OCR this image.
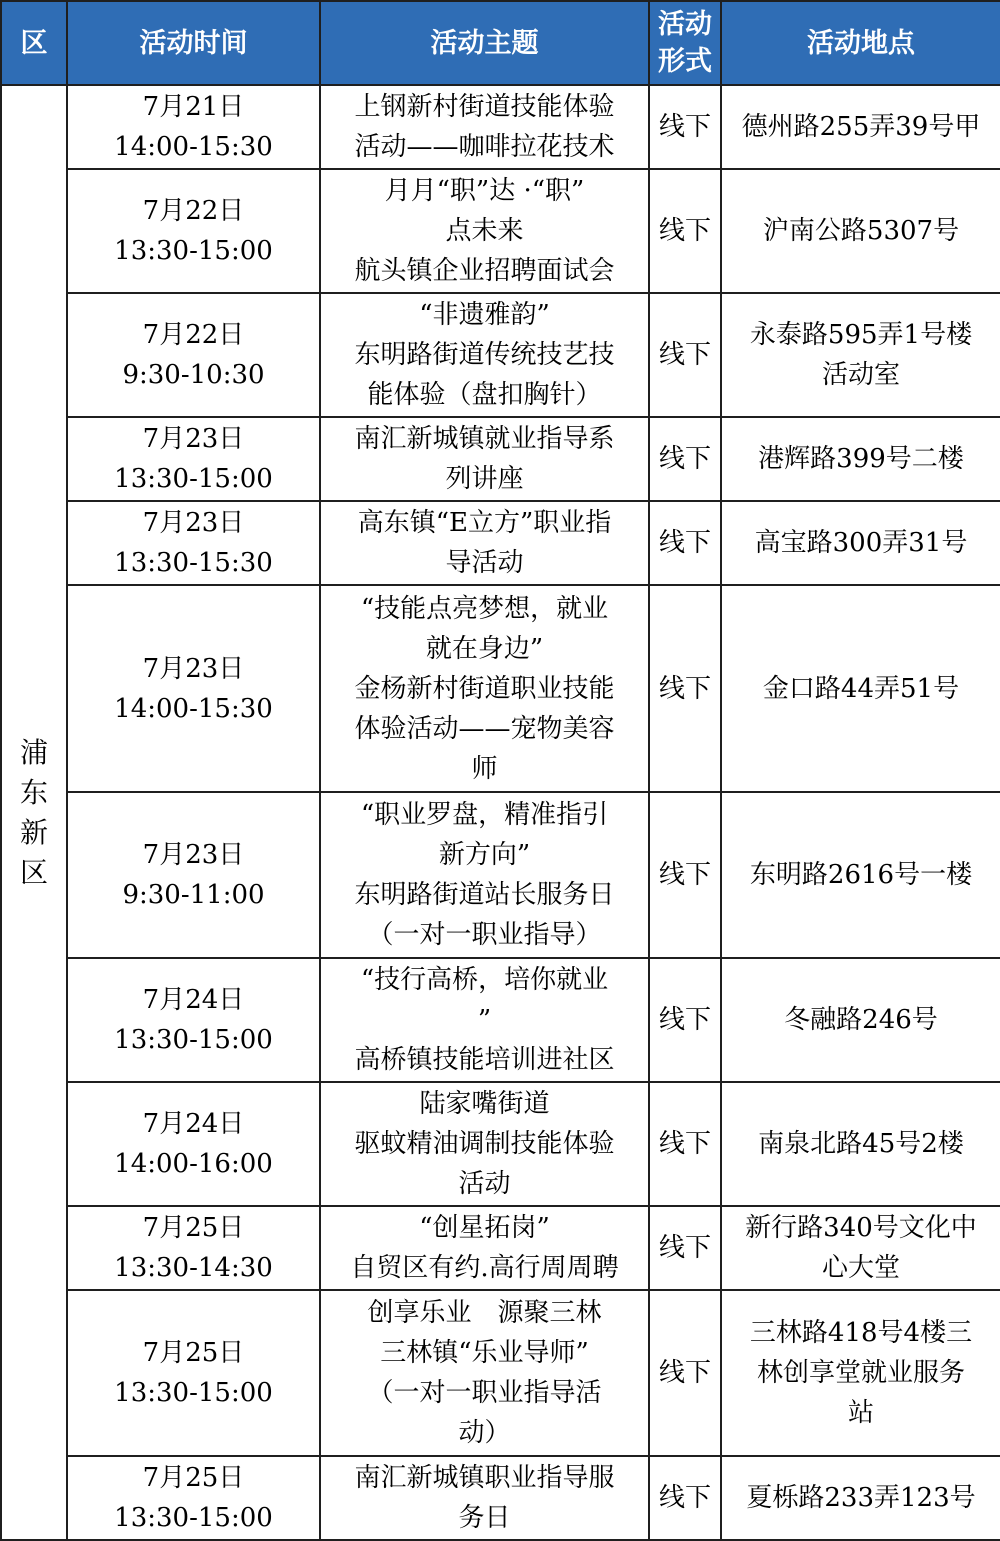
区	活动时间	活动主题	活动
形式	活动地点
浦东新区	7月21日
14:00-15:30	上钢新村街道技能体验
活动——咖啡拉花技术	线下	德州路255弄39号甲

	7月22日
13:30-15:00	月月“职”达 ·“职”
点未来
航头镇企业招聘面试会	线下	沪南公路5307号

	7月22日
9:30-10:30	“非遗雅韵”
东明路街道传统技艺技
能体验（盘扣胸针）	线下	永泰路595弄1号楼
活动室

	7月23日
13:30-15:00	南汇新城镇就业指导系
列讲座	线下	港辉路399号二楼

	7月23日
13:30-15:30	高东镇“E立方”职业指
导活动	线下	高宝路300弄31号

	7月23日
14:00-15:30	“技能点亮梦想，就业
就在身边”
金杨新村街道职业技能
体验活动——宠物美容
师	线下	金口路44弄51号

	7月23日
9:30-11:00	“职业罗盘，精准指引
新方向”
东明路街道站长服务日
（一对一职业指导）	线下	东明路2616号一楼

	7月24日
13:30-15:00	“技行高桥，培你就业
”
高桥镇技能培训进社区	线下	冬融路246号

	7月24日
14:00-16:00	陆家嘴街道
驱蚊精油调制技能体验
活动	线下	南泉北路45号2楼

	7月25日
13:30-14:30	“创星拓岗”
自贸区有约.高行周周聘	线下	新行路340号文化中
心大堂

	7月25日
13:30-15:00	创享乐业　源聚三林
三林镇“乐业导师”
（一对一职业指导活
动）	线下	三林路418号4楼三
林创享堂就业服务
站

	7月25日
13:30-15:00	南汇新城镇职业指导服
务日	线下	夏栎路233弄123号
